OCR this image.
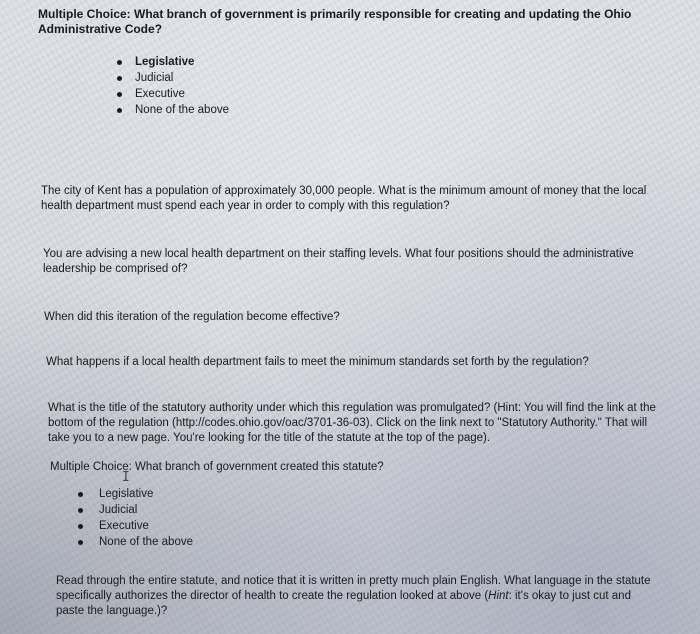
Multiple Choice: What branch of government is primarily responsible for creating and updating the Ohio Administrative Code?
Legislative
Judicial
Executive
None of the above
The city of Kent has a population of approximately 30,000 people. What is the minimum amount of money that the local health department must spend each year in order to comply with this regulation?
You are advising a new local health department on their staffing levels. What four positions should the administrative leadership be comprised of?
When did this iteration of the regulation become effective?
What happens if a local health department fails to meet the minimum standards set forth by the regulation?
What is the title of the statutory authority under which this regulation was promulgated? (Hint: You will find the link at the bottom of the regulation (http://codes.ohio.gov/oac/3701-36-03). Click on the link next to "Statutory Authority." That will take you to a new page. You're looking for the title of the statute at the top of the page).
Multiple Choice: What branch of government created this statute?
I
Legislative
Judicial
Executive
None of the above
Read through the entire statute, and notice that it is written in pretty much plain English. What language in the statute specifically authorizes the director of health to create the regulation looked at above (Hint: it's okay to just cut and paste the language.)?
